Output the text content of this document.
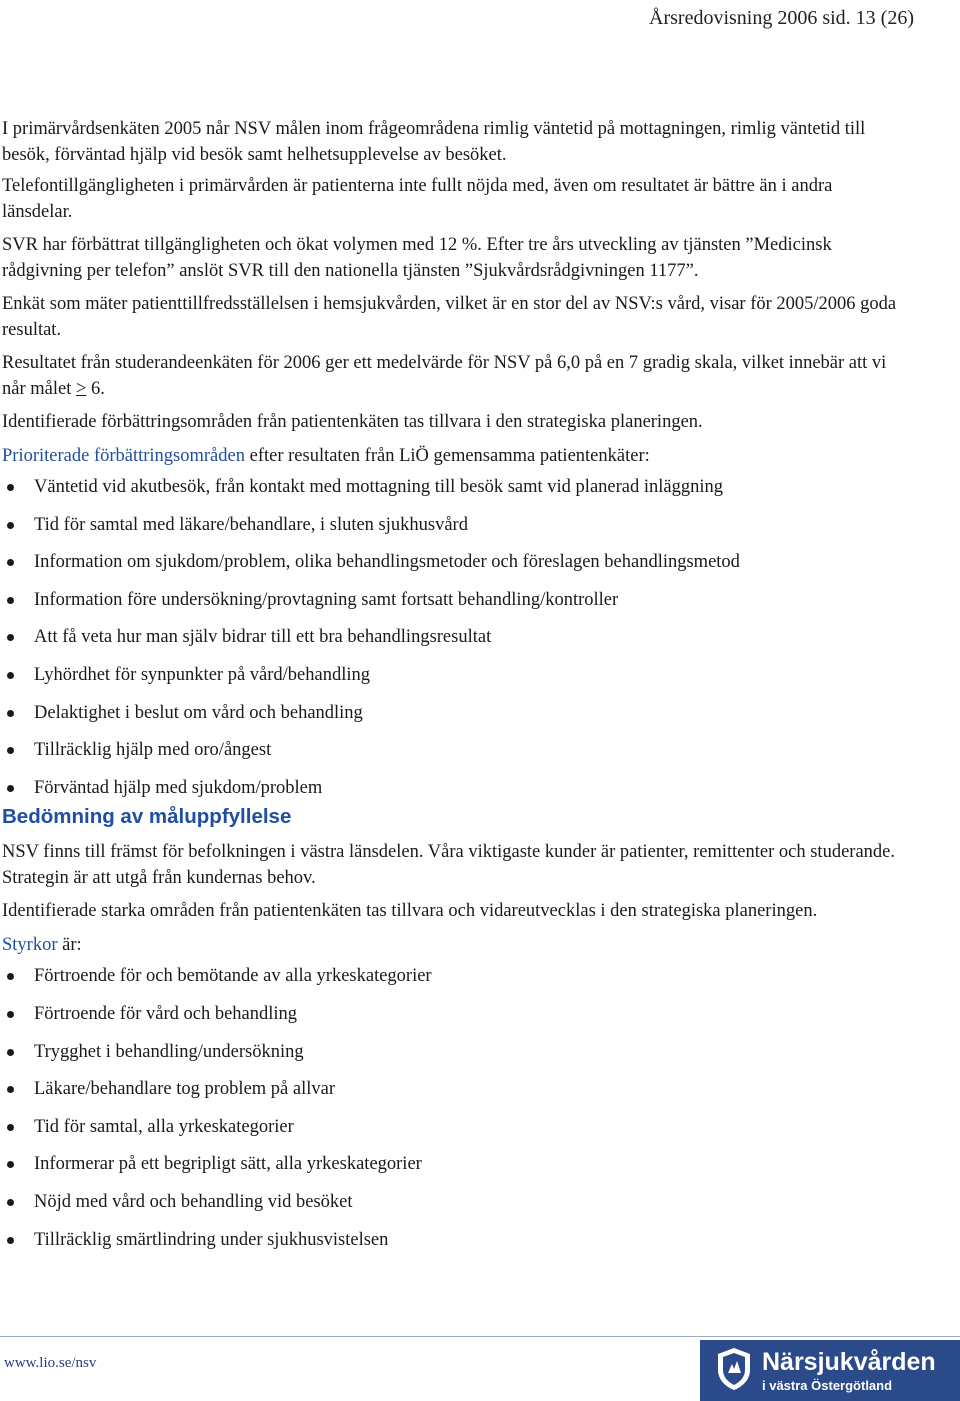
Årsredovisning 2006 sid. 13 (26)

I primärvårdsenkäten 2005 når NSV målen inom frågeområdena rimlig väntetid på mottagningen, rimlig väntetid till besök, förväntad hjälp vid besök samt helhetsupplevelse av besöket.

Telefontillgängligheten i primärvården är patienterna inte fullt nöjda med, även om resultatet är bättre än i andra länsdelar.

SVR har förbättrat tillgängligheten och ökat volymen med 12 %. Efter tre års utveckling av tjänsten ”Medicinsk rådgivning per telefon” anslöt SVR till den nationella tjänsten ”Sjukvårdsrådgivningen 1177”.

Enkät som mäter patienttillfredsställelsen i hemsjukvården, vilket är en stor del av NSV:s vård, visar för 2005/2006 goda resultat.

Resultatet från studerandeenkäten för 2006 ger ett medelvärde för NSV på 6,0 på en 7 gradig skala, vilket innebär att vi når målet > 6.

Identifierade förbättringsområden från patientenkäten tas tillvara i den strategiska planeringen.

Prioriterade förbättringsområden efter resultaten från LiÖ gemensamma patientenkäter:

Väntetid vid akutbesök, från kontakt med mottagning till besök samt vid planerad inläggning
Tid för samtal med läkare/behandlare, i sluten sjukhusvård
Information om sjukdom/problem, olika behandlingsmetoder och föreslagen behandlingsmetod
Information före undersökning/provtagning samt fortsatt behandling/kontroller
Att få veta hur man själv bidrar till ett bra behandlingsresultat
Lyhördhet för synpunkter på vård/behandling
Delaktighet i beslut om vård och behandling
Tillräcklig hjälp med oro/ångest
Förväntad hjälp med sjukdom/problem
Bedömning av måluppfyllelse

NSV finns till främst för befolkningen i västra länsdelen. Våra viktigaste kunder är patienter, remittenter och studerande. Strategin är att utgå från kundernas behov.

Identifierade starka områden från patientenkäten tas tillvara och vidareutvecklas i den strategiska planeringen.

Styrkor är:

Förtroende för och bemötande av alla yrkeskategorier
Förtroende för vård och behandling
Trygghet i behandling/undersökning
Läkare/behandlare tog problem på allvar
Tid för samtal, alla yrkeskategorier
Informerar på ett begripligt sätt, alla yrkeskategorier
Nöjd med vård och behandling vid besöket
Tillräcklig smärtlindring under sjukhusvistelsen
www.lio.se/nsv	Närsjukvården
i västra Östergötland
